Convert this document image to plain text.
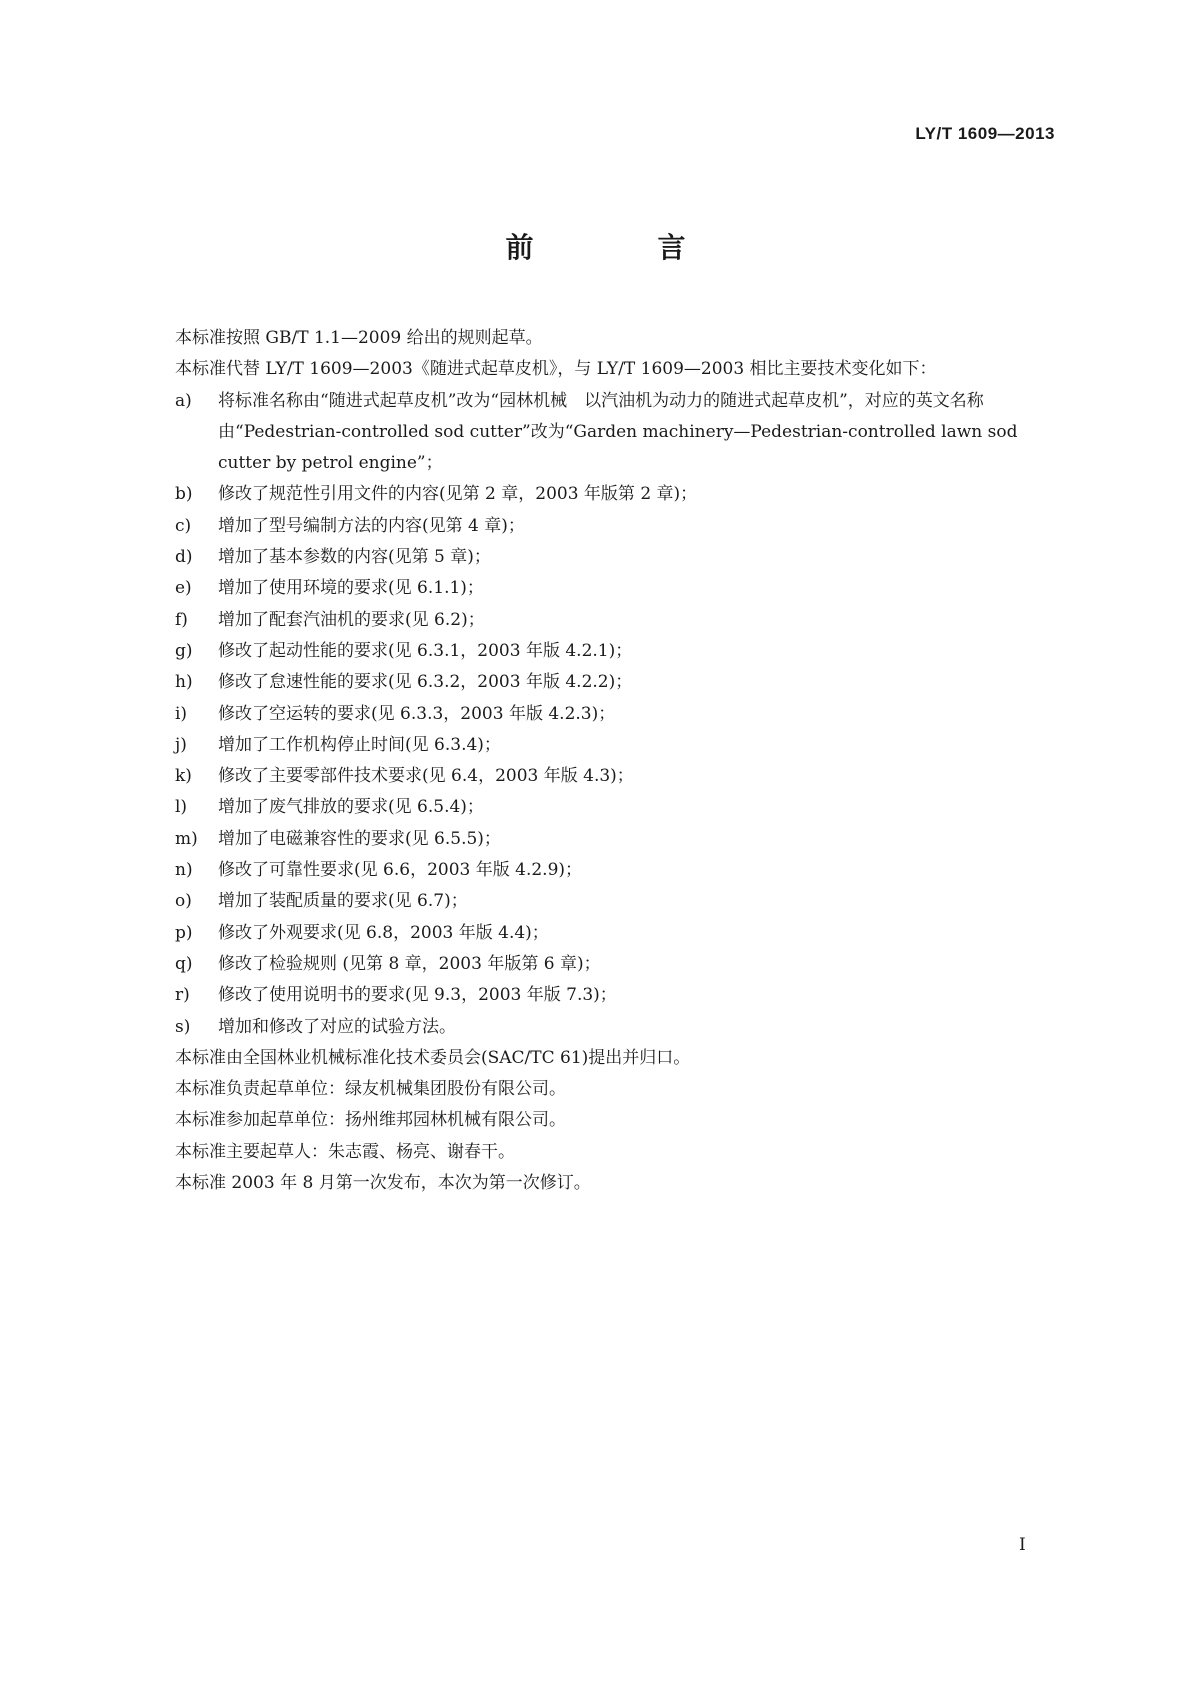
LY/T 1609—2013
前　言
本标准按照 GB/T 1.1—2009 给出的规则起草。
本标准代替 LY/T 1609—2003《随进式起草皮机》，与 LY/T 1609—2003 相比主要技术变化如下：
a)	将标准名称由“随进式起草皮机”改为“园林机械　以汽油机为动力的随进式起草皮机”，对应的英文名称由“Pedestrian-controlled sod cutter”改为“Garden machinery—Pedestrian-controlled lawn sod cutter by petrol engine”；
b)	修改了规范性引用文件的内容(见第 2 章，2003 年版第 2 章)；
c)	增加了型号编制方法的内容(见第 4 章)；
d)	增加了基本参数的内容(见第 5 章)；
e)	增加了使用环境的要求(见 6.1.1)；
f)	增加了配套汽油机的要求(见 6.2)；
g)	修改了起动性能的要求(见 6.3.1，2003 年版 4.2.1)；
h)	修改了怠速性能的要求(见 6.3.2，2003 年版 4.2.2)；
i)	修改了空运转的要求(见 6.3.3，2003 年版 4.2.3)；
j)	增加了工作机构停止时间(见 6.3.4)；
k)	修改了主要零部件技术要求(见 6.4，2003 年版 4.3)；
l)	增加了废气排放的要求(见 6.5.4)；
m)	增加了电磁兼容性的要求(见 6.5.5)；
n)	修改了可靠性要求(见 6.6，2003 年版 4.2.9)；
o)	增加了装配质量的要求(见 6.7)；
p)	修改了外观要求(见 6.8，2003 年版 4.4)；
q)	修改了检验规则 (见第 8 章，2003 年版第 6 章)；
r)	修改了使用说明书的要求(见 9.3，2003 年版 7.3)；
s)	增加和修改了对应的试验方法。
本标准由全国林业机械标准化技术委员会(SAC/TC 61)提出并归口。
本标准负责起草单位：绿友机械集团股份有限公司。
本标准参加起草单位：扬州维邦园林机械有限公司。
本标准主要起草人：朱志霞、杨亮、谢春干。
本标准 2003 年 8 月第一次发布，本次为第一次修订。
I
